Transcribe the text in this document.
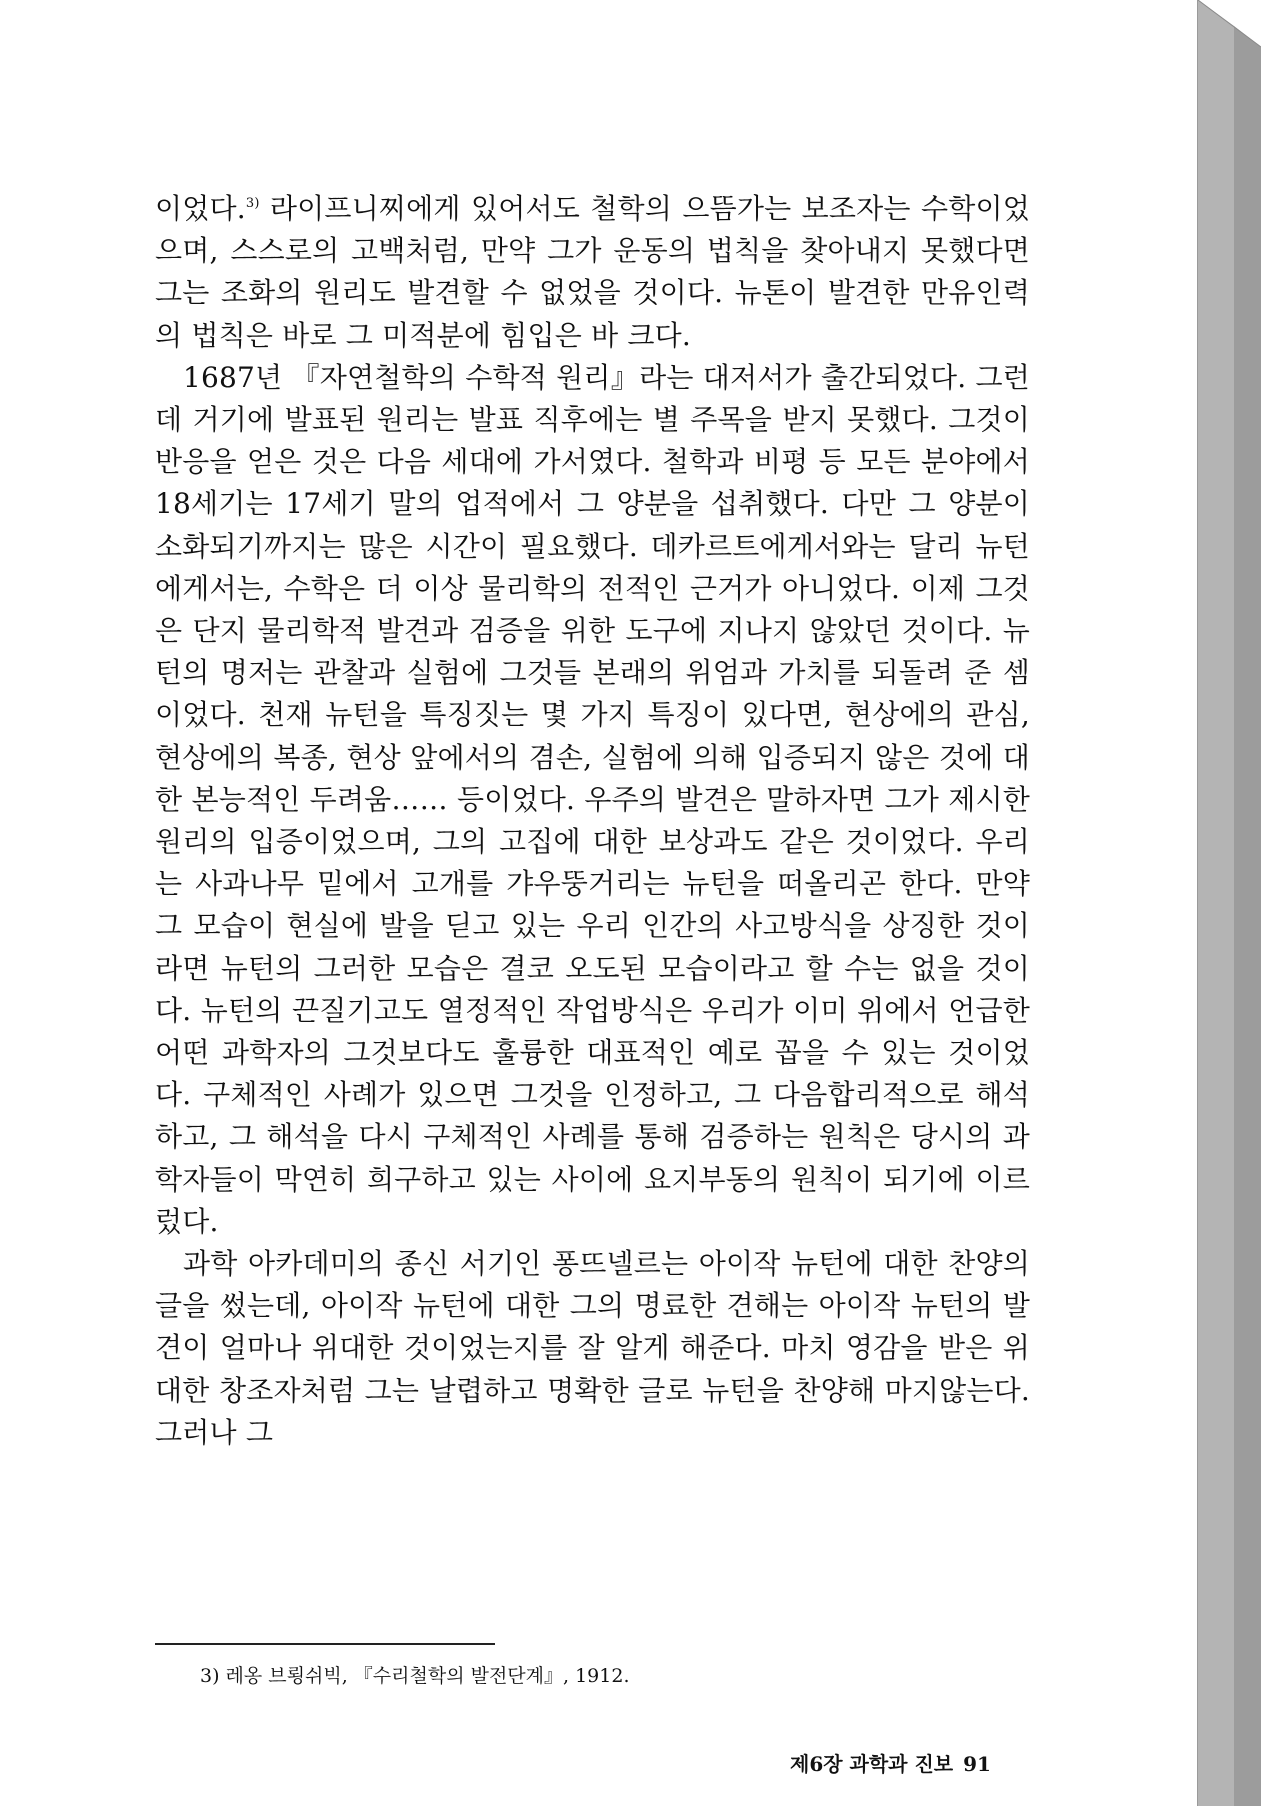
이었다.$^{3)}$ 라이프니찌에게 있어서도 철학의 으뜸가는 보조자는 수학이었으며, 스스로의 고백처럼, 만약 그가 운동의 법칙을 찾아내지 못했다면 그는 조화의 원리도 발견할 수 없었을 것이다. 뉴톤이 발견한 만유인력의 법칙은 바로 그 미적분에 힘입은 바 크다.

1687년 『자연철학의 수학적 원리』라는 대저서가 출간되었다. 그런데 거기에 발표된 원리는 발표 직후에는 별 주목을 받지 못했다. 그것이 반응을 얻은 것은 다음 세대에 가서였다. 철학과 비평 등 모든 분야에서 18세기는 17세기 말의 업적에서 그 양분을 섭취했다. 다만 그 양분이 소화되기까지는 많은 시간이 필요했다. 데카르트에게서와는 달리 뉴턴에게서는, 수학은 더 이상 물리학의 전적인 근거가 아니었다. 이제 그것은 단지 물리학적 발견과 검증을 위한 도구에 지나지 않았던 것이다. 뉴턴의 명저는 관찰과 실험에 그것들 본래의 위엄과 가치를 되돌려 준 셈이었다. 천재 뉴턴을 특징짓는 몇 가지 특징이 있다면, 현상에의 관심, 현상에의 복종, 현상 앞에서의 겸손, 실험에 의해 입증되지 않은 것에 대한 본능적인 두려움…… 등이었다. 우주의 발견은 말하자면 그가 제시한 원리의 입증이었으며, 그의 고집에 대한 보상과도 같은 것이었다. 우리는 사과나무 밑에서 고개를 갸우뚱거리는 뉴턴을 떠올리곤 한다. 만약 그 모습이 현실에 발을 딛고 있는 우리 인간의 사고방식을 상징한 것이라면 뉴턴의 그러한 모습은 결코 오도된 모습이라고 할 수는 없을 것이다. 뉴턴의 끈질기고도 열정적인 작업방식은 우리가 이미 위에서 언급한 어떤 과학자의 그것보다도 훌륭한 대표적인 예로 꼽을 수 있는 것이었다. 구체적인 사례가 있으면 그것을 인정하고, 그 다음합리적으로 해석하고, 그 해석을 다시 구체적인 사례를 통해 검증하는 원칙은 당시의 과학자들이 막연히 희구하고 있는 사이에 요지부동의 원칙이 되기에 이르렀다.

과학 아카데미의 종신 서기인 퐁뜨넬르는 아이작 뉴턴에 대한 찬양의 글을 썼는데, 아이작 뉴턴에 대한 그의 명료한 견해는 아이작 뉴턴의 발견이 얼마나 위대한 것이었는지를 잘 알게 해준다. 마치 영감을 받은 위대한 창조자처럼 그는 날렵하고 명확한 글로 뉴턴을 찬양해 마지않는다. 그러나 그

3) 레옹 브룅쉬빅, 『수리철학의 발전단계』, 1912.
제6장 과학과 진보 91
